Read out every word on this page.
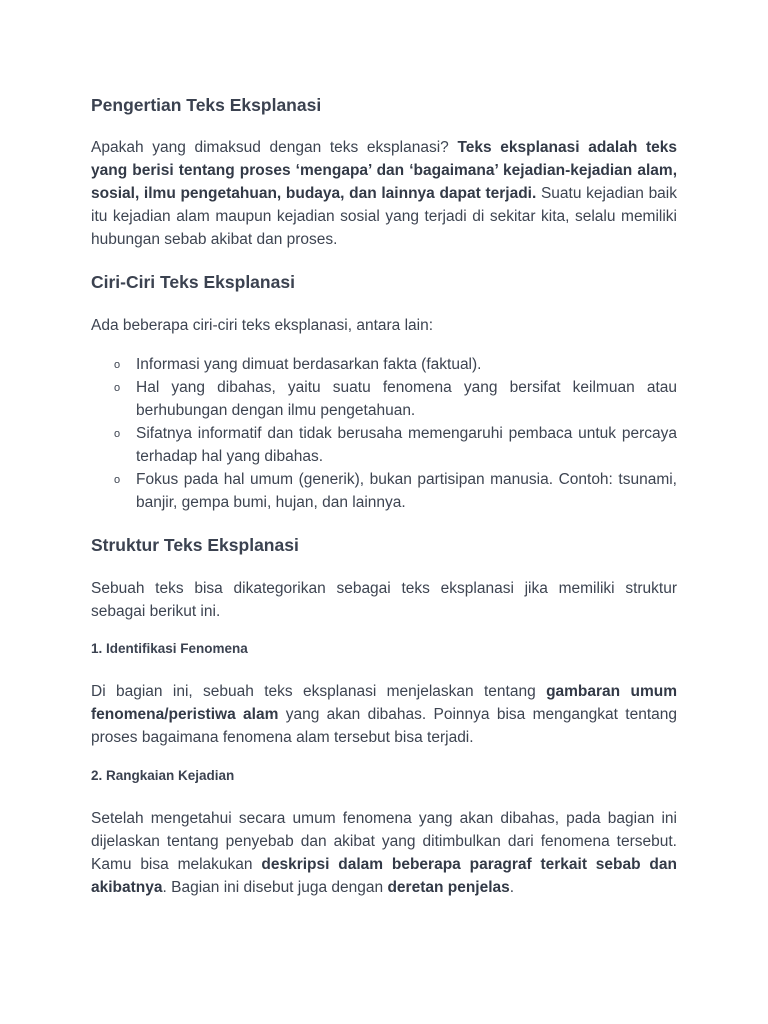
Pengertian Teks Eksplanasi

Apakah yang dimaksud dengan teks eksplanasi? Teks eksplanasi adalah teks yang berisi tentang proses ‘mengapa’ dan ‘bagaimana’ kejadian-kejadian alam, sosial, ilmu pengetahuan, budaya, dan lainnya dapat terjadi. Suatu kejadian baik itu kejadian alam maupun kejadian sosial yang terjadi di sekitar kita, selalu memiliki hubungan sebab akibat dan proses.

Ciri-Ciri Teks Eksplanasi

Ada beberapa ciri-ciri teks eksplanasi, antara lain:

o Informasi yang dimuat berdasarkan fakta (faktual).
o Hal yang dibahas, yaitu suatu fenomena yang bersifat keilmuan atau berhubungan dengan ilmu pengetahuan.
o Sifatnya informatif dan tidak berusaha memengaruhi pembaca untuk percaya terhadap hal yang dibahas.
o Fokus pada hal umum (generik), bukan partisipan manusia. Contoh: tsunami, banjir, gempa bumi, hujan, dan lainnya.
Struktur Teks Eksplanasi

Sebuah teks bisa dikategorikan sebagai teks eksplanasi jika memiliki struktur sebagai berikut ini.

1. Identifikasi Fenomena

Di bagian ini, sebuah teks eksplanasi menjelaskan tentang gambaran umum fenomena/peristiwa alam yang akan dibahas. Poinnya bisa mengangkat tentang proses bagaimana fenomena alam tersebut bisa terjadi.

2. Rangkaian Kejadian

Setelah mengetahui secara umum fenomena yang akan dibahas, pada bagian ini dijelaskan tentang penyebab dan akibat yang ditimbulkan dari fenomena tersebut. Kamu bisa melakukan deskripsi dalam beberapa paragraf terkait sebab dan akibatnya. Bagian ini disebut juga dengan deretan penjelas.
